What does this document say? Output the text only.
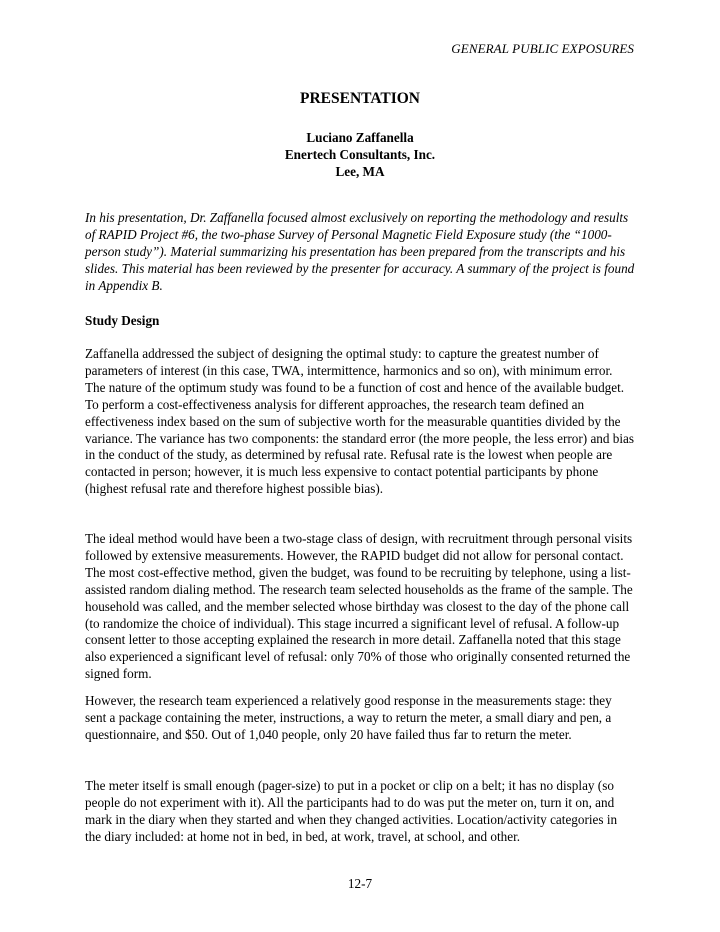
GENERAL PUBLIC EXPOSURES
PRESENTATION
Luciano Zaffanella
Enertech Consultants, Inc.
Lee, MA

In his presentation, Dr. Zaffanella focused almost exclusively on reporting the methodology and results of RAPID Project #6, the two-phase Survey of Personal Magnetic Field Exposure study (the “1000-person study”). Material summarizing his presentation has been prepared from the transcripts and his slides. This material has been reviewed by the presenter for accuracy. A summary of the project is found in Appendix B.

Study Design

Zaffanella addressed the subject of designing the optimal study: to capture the greatest number of parameters of interest (in this case, TWA, intermittence, harmonics and so on), with minimum error. The nature of the optimum study was found to be a function of cost and hence of the available budget. To perform a cost-effectiveness analysis for different approaches, the research team defined an effectiveness index based on the sum of subjective worth for the measurable quantities divided by the variance. The variance has two components: the standard error (the more people, the less error) and bias in the conduct of the study, as determined by refusal rate. Refusal rate is the lowest when people are contacted in person; however, it is much less expensive to contact potential participants by phone (highest refusal rate and therefore highest possible bias).

The ideal method would have been a two-stage class of design, with recruitment through personal visits followed by extensive measurements. However, the RAPID budget did not allow for personal contact. The most cost-effective method, given the budget, was found to be recruiting by telephone, using a list-assisted random dialing method. The research team selected households as the frame of the sample. The household was called, and the member selected whose birthday was closest to the day of the phone call (to randomize the choice of individual). This stage incurred a significant level of refusal. A follow-up consent letter to those accepting explained the research in more detail. Zaffanella noted that this stage also experienced a significant level of refusal: only 70% of those who originally consented returned the signed form.

However, the research team experienced a relatively good response in the measurements stage: they sent a package containing the meter, instructions, a way to return the meter, a small diary and pen, a questionnaire, and $50. Out of 1,040 people, only 20 have failed thus far to return the meter.

The meter itself is small enough (pager-size) to put in a pocket or clip on a belt; it has no display (so people do not experiment with it). All the participants had to do was put the meter on, turn it on, and mark in the diary when they started and when they changed activities. Location/activity categories in the diary included: at home not in bed, in bed, at work, travel, at school, and other.

12-7
